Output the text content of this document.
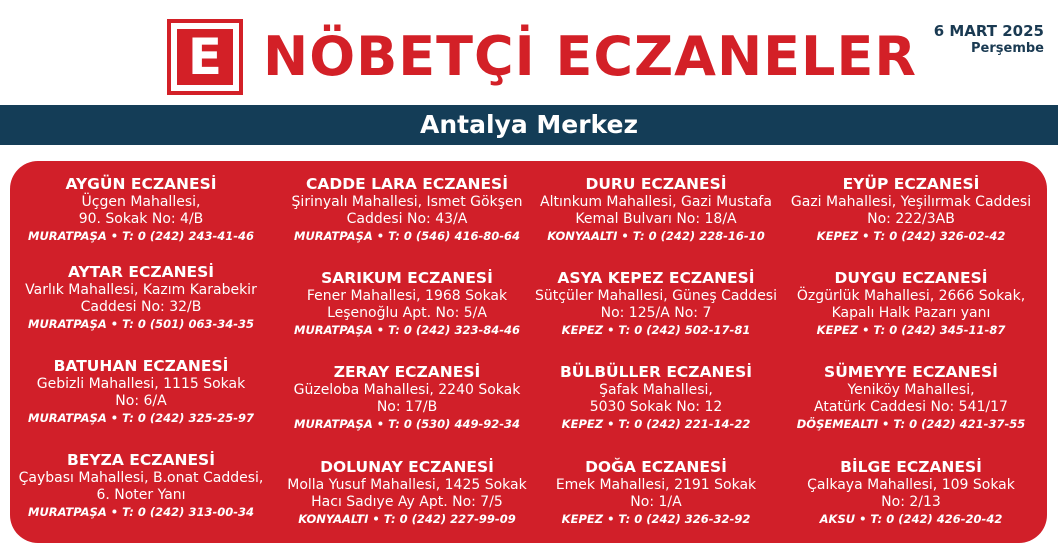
E NÖBETÇİ ECZANELER 6 MART 2025
Perşembe
Antalya Merkez
AYGÜN ECZANESİ
Üçgen Mahallesi,
90. Sokak No: 4/B
MURATPAŞA • T: 0 (242) 243-41-46
AYTAR ECZANESİ
Varlık Mahallesi, Kazım Karabekir
Caddesi No: 32/B
MURATPAŞA • T: 0 (501) 063-34-35
BATUHAN ECZANESİ
Gebizli Mahallesi, 1115 Sokak
No: 6/A
MURATPAŞA • T: 0 (242) 325-25-97
BEYZA ECZANESİ
Çaybası Mahallesi, B.onat Caddesi,
6. Noter Yanı
MURATPAŞA • T: 0 (242) 313-00-34
CADDE LARA ECZANESİ
Şirinyalı Mahallesi, Ismet Gökşen
Caddesi No: 43/A
MURATPAŞA • T: 0 (546) 416-80-64
SARIKUM ECZANESİ
Fener Mahallesi, 1968 Sokak
Leşenoğlu Apt. No: 5/A
MURATPAŞA • T: 0 (242) 323-84-46
ZERAY ECZANESİ
Güzeloba Mahallesi, 2240 Sokak
No: 17/B
MURATPAŞA • T: 0 (530) 449-92-34
DOLUNAY ECZANESİ
Molla Yusuf Mahallesi, 1425 Sokak
Hacı Sadıye Ay Apt. No: 7/5
KONYAALTI • T: 0 (242) 227-99-09
DURU ECZANESİ
Altınkum Mahallesi, Gazi Mustafa
Kemal Bulvarı No: 18/A
KONYAALTI • T: 0 (242) 228-16-10
ASYA KEPEZ ECZANESİ
Sütçüler Mahallesi, Güneş Caddesi
No: 125/A No: 7
KEPEZ • T: 0 (242) 502-17-81
BÜLBÜLLER ECZANESİ
Şafak Mahallesi,
5030 Sokak No: 12
KEPEZ • T: 0 (242) 221-14-22
DOĞA ECZANESİ
Emek Mahallesi, 2191 Sokak
No: 1/A
KEPEZ • T: 0 (242) 326-32-92
EYÜP ECZANESİ
Gazi Mahallesi, Yeşilırmak Caddesi
No: 222/3AB
KEPEZ • T: 0 (242) 326-02-42
DUYGU ECZANESİ
Özgürlük Mahallesi, 2666 Sokak,
Kapalı Halk Pazarı yanı
KEPEZ • T: 0 (242) 345-11-87
SÜMEYYE ECZANESİ
Yeniköy Mahallesi,
Atatürk Caddesi No: 541/17
DÖŞEMEALTI • T: 0 (242) 421-37-55
BİLGE ECZANESİ
Çalkaya Mahallesi, 109 Sokak
No: 2/13
AKSU • T: 0 (242) 426-20-42
